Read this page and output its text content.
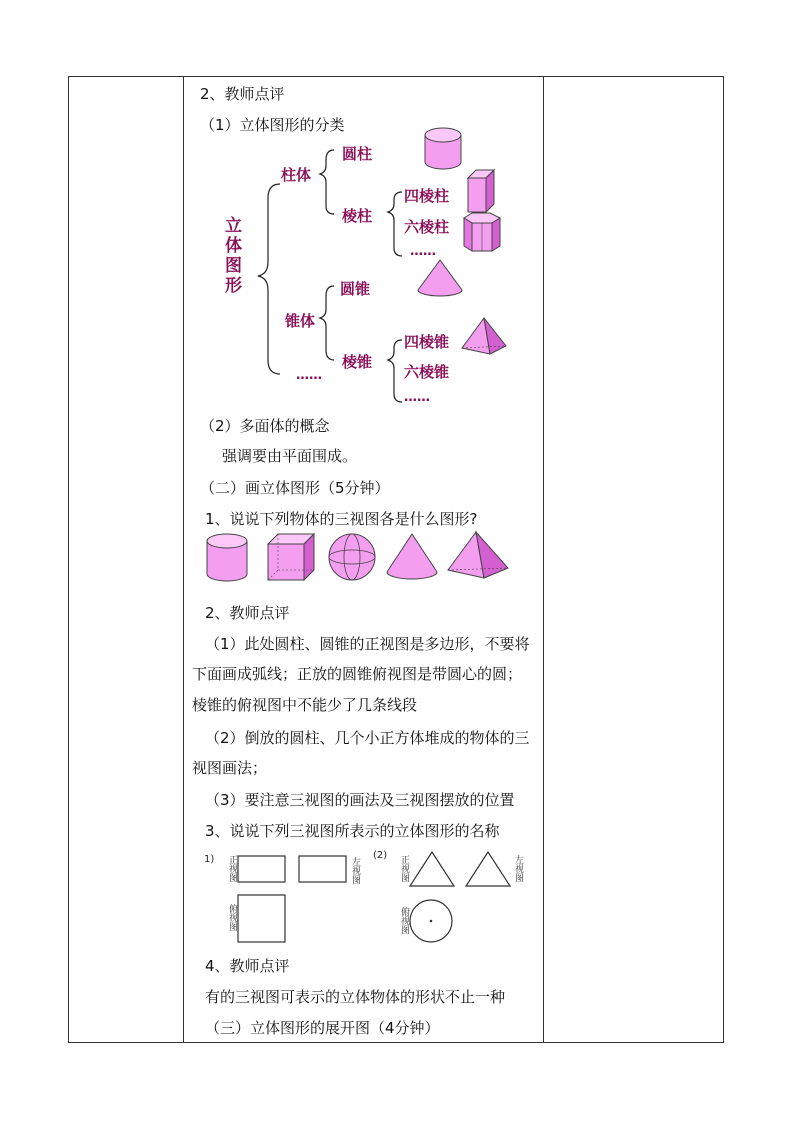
2、教师点评
（1）立体图形的分类
立体图形
柱体
锥体
圆柱
棱柱
四棱柱
六棱柱
……
圆锥
棱锥
四棱锥
六棱锥
……
……
（2）多面体的概念
强调要由平面围成。
（二）画立体图形（5分钟）
1、说说下列物体的三视图各是什么图形?
2、教师点评
（1）此处圆柱、圆锥的正视图是多边形，不要将
下面画成弧线；正放的圆锥俯视图是带圆心的圆；
棱锥的俯视图中不能少了几条线段
（2）倒放的圆柱、几个小正方体堆成的物体的三
视图画法；
（3）要注意三视图的画法及三视图摆放的位置
3、说说下列三视图所表示的立体图形的名称
1) 正视图	左视图
俯视图
(2) 正视图	左视图
俯视图
4、教师点评
有的三视图可表示的立体物体的形状不止一种
（三）立体图形的展开图（4分钟）
